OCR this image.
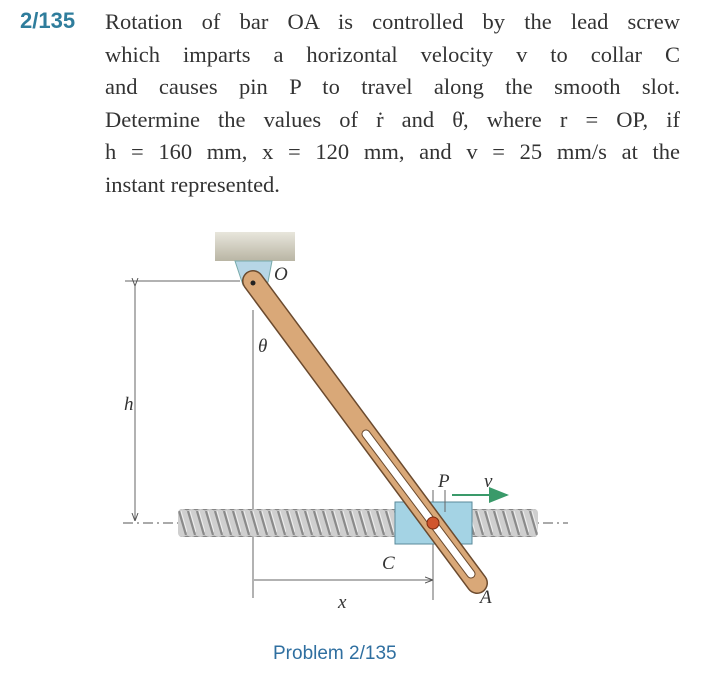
2/135 Rotation of bar OA is controlled by the lead screw
which imparts a horizontal velocity v to collar C
and causes pin P to travel along the smooth slot.
Determine the values of ṙ and θ̇, where r = OP, if
h = 160 mm, x = 120 mm, and v = 25 mm/s at the
instant represented.
O
θ
h
P v
C
x	A
Problem 2/135
